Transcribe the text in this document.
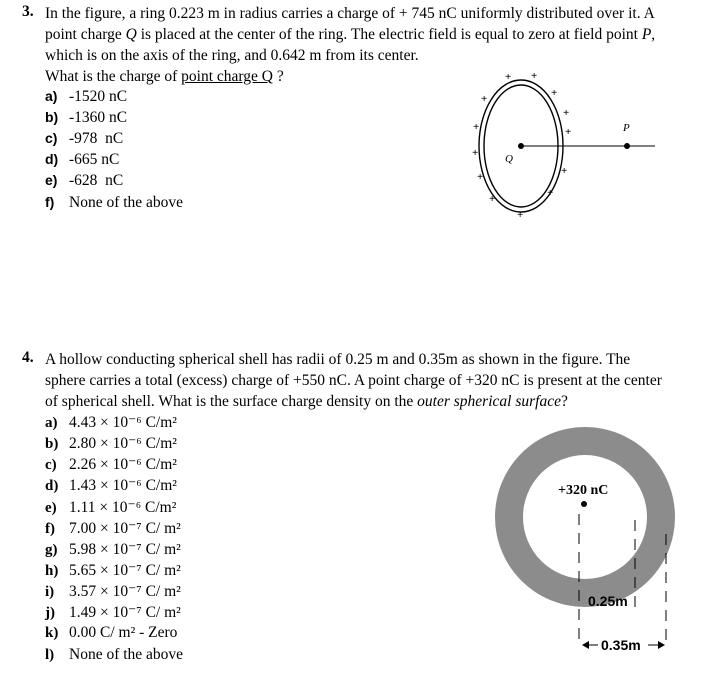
3. In the figure, a ring 0.223 m in radius carries a charge of + 745 nC uniformly distributed over it. A
point charge Q is placed at the center of the ring. The electric field is equal to zero at field point P,
which is on the axis of the ring, and 0.642 m from its center.
What is the charge of point charge Q ?
a) -1520 nC
b) -1360 nC
c) -978  nC
d) -665 nC
e) -628  nC
f) None of the above
Q
P
+ +
+	+
+
+
+
+
+	+
+	+
+
4. A hollow conducting spherical shell has radii of 0.25 m and 0.35m as shown in the figure. The
sphere carries a total (excess) charge of +550 nC. A point charge of +320 nC is present at the center
of spherical shell. What is the surface charge density on the outer spherical surface?
a) 4.43 × 10⁻⁶ C/m²
b) 2.80 × 10⁻⁶ C/m²
c) 2.26 × 10⁻⁶ C/m²
d) 1.43 × 10⁻⁶ C/m²
e) 1.11 × 10⁻⁶ C/m²
f) 7.00 × 10⁻⁷ C/ m²
g) 5.98 × 10⁻⁷ C/ m²
h) 5.65 × 10⁻⁷ C/ m²
i) 3.57 × 10⁻⁷ C/ m²
j) 1.49 × 10⁻⁷ C/ m²
k) 0.00 C/ m² - Zero
l) None of the above
+320 nC
0.25m
0.35m
